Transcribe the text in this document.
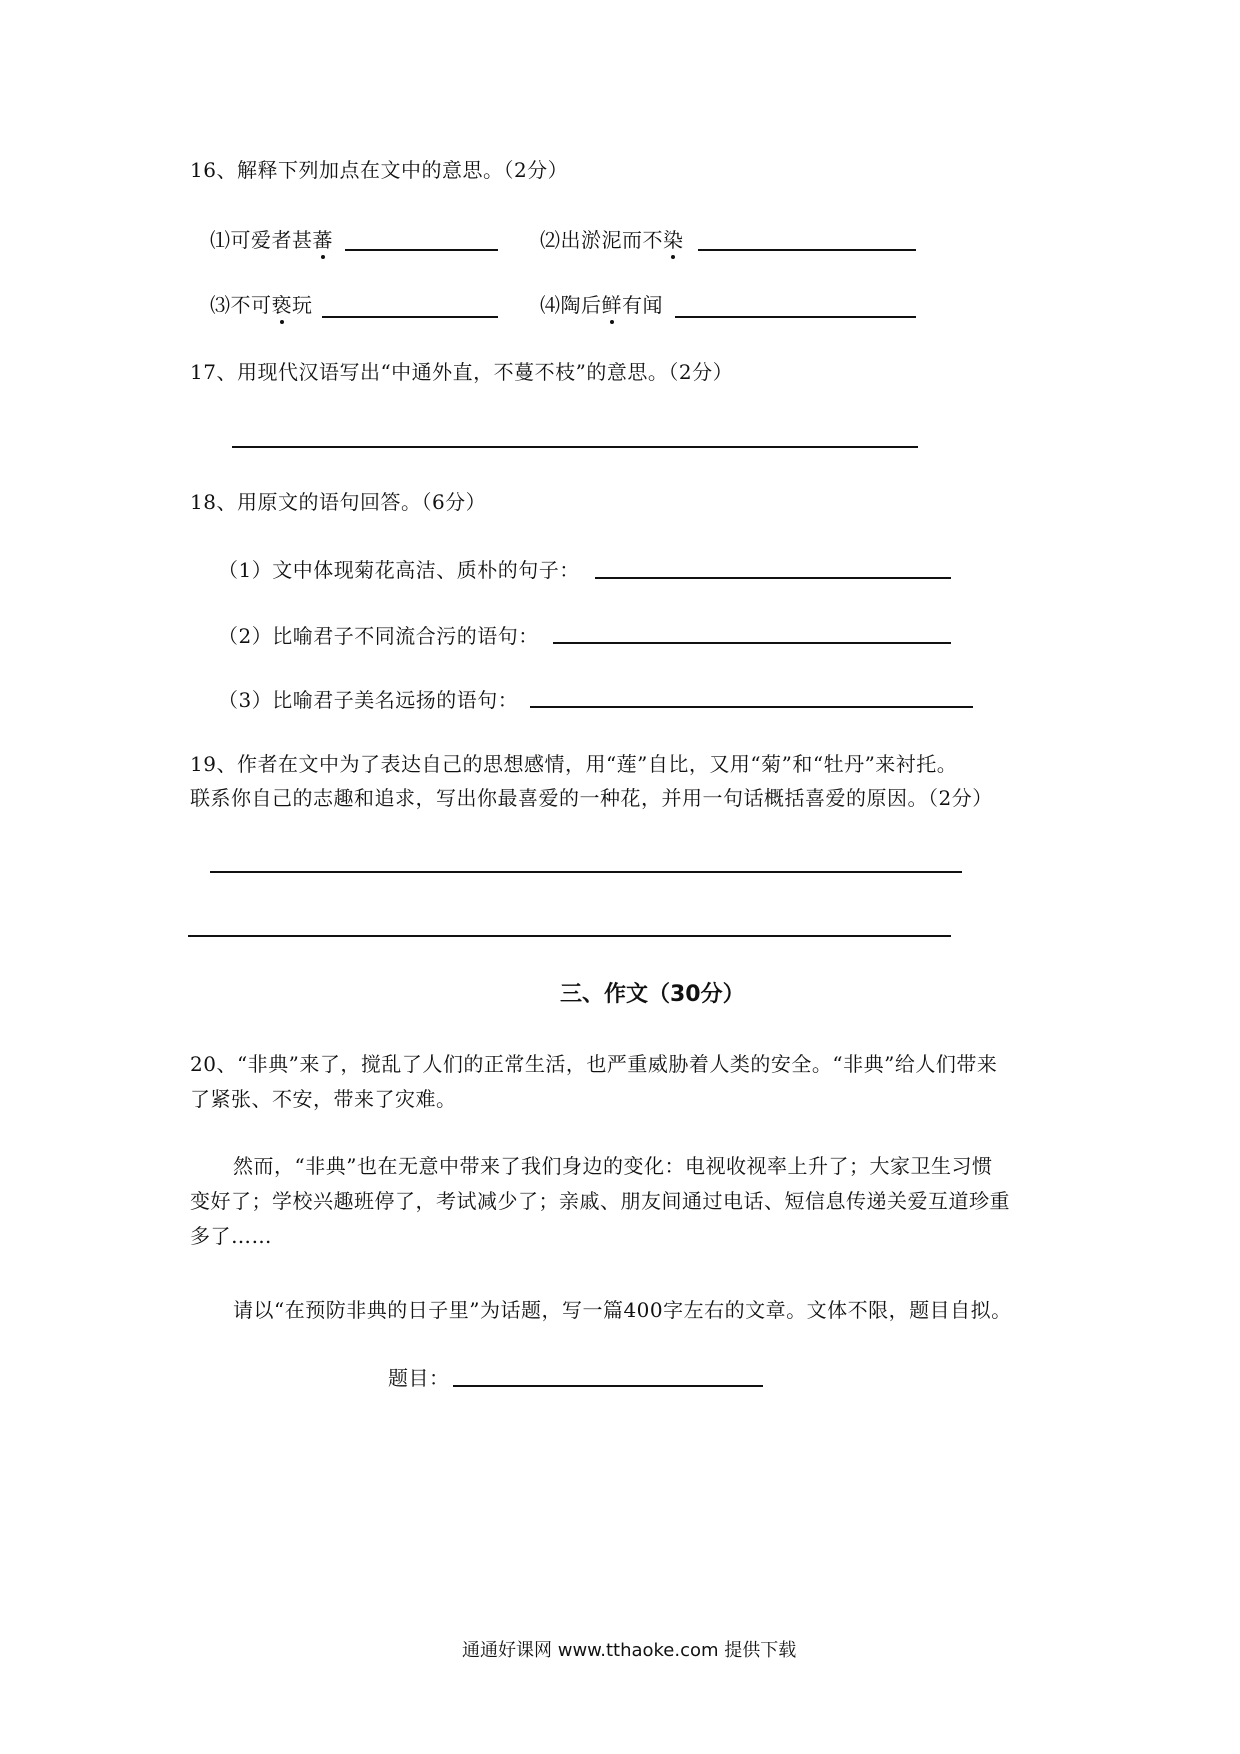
16、解释下列加点在文中的意思。（2分）
⑴可爱者甚蕃	⑵出淤泥而不染
⑶不可亵玩	⑷陶后鲜有闻
17、用现代汉语写出“中通外直，不蔓不枝”的意思。（2分）
18、用原文的语句回答。（6分）
（1）文中体现菊花高洁、质朴的句子：
（2）比喻君子不同流合污的语句：
（3）比喻君子美名远扬的语句：
19、作者在文中为了表达自己的思想感情，用“莲”自比，又用“菊”和“牡丹”来衬托。
联系你自己的志趣和追求，写出你最喜爱的一种花，并用一句话概括喜爱的原因。（2分）
三、作文（30分）
20、“非典”来了，搅乱了人们的正常生活，也严重威胁着人类的安全。“非典”给人们带来
了紧张、不安，带来了灾难。
然而，“非典”也在无意中带来了我们身边的变化：电视收视率上升了；大家卫生习惯
变好了；学校兴趣班停了，考试减少了；亲戚、朋友间通过电话、短信息传递关爱互道珍重
多了……
请以“在预防非典的日子里”为话题，写一篇400字左右的文章。文体不限，题目自拟。
题目：
通通好课网 www.tthaoke.com 提供下载
